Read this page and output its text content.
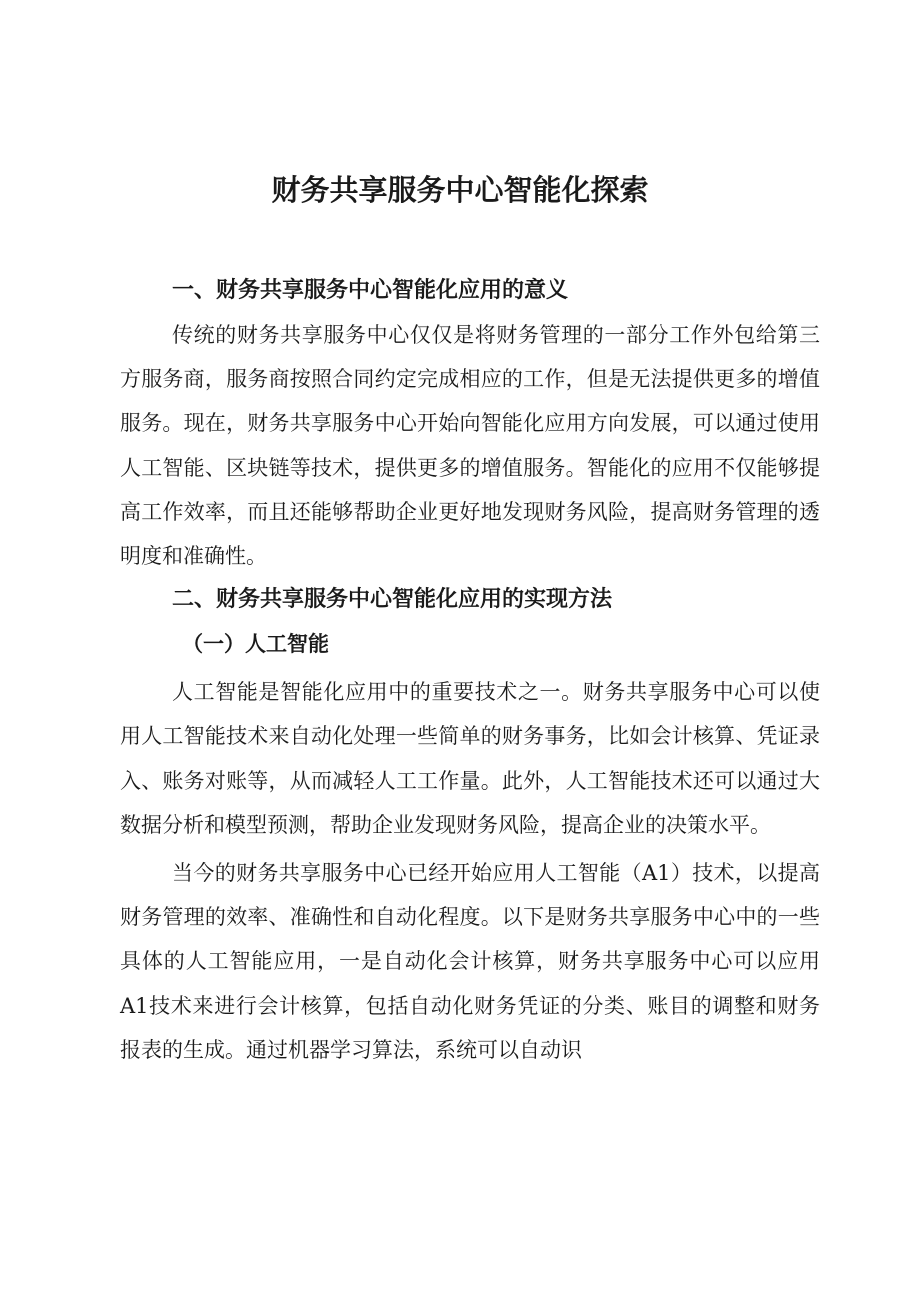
财务共享服务中心智能化探索
一、财务共享服务中心智能化应用的意义

传统的财务共享服务中心仅仅是将财务管理的一部分工作外包给第三方服务商，服务商按照合同约定完成相应的工作，但是无法提供更多的增值服务。现在，财务共享服务中心开始向智能化应用方向发展，可以通过使用人工智能、区块链等技术，提供更多的增值服务。智能化的应用不仅能够提高工作效率，而且还能够帮助企业更好地发现财务风险，提高财务管理的透明度和准确性。

二、财务共享服务中心智能化应用的实现方法
（一）人工智能

人工智能是智能化应用中的重要技术之一。财务共享服务中心可以使用人工智能技术来自动化处理一些简单的财务事务，比如会计核算、凭证录入、账务对账等，从而减轻人工工作量。此外，人工智能技术还可以通过大数据分析和模型预测，帮助企业发现财务风险，提高企业的决策水平。

当今的财务共享服务中心已经开始应用人工智能（A1）技术，以提高财务管理的效率、准确性和自动化程度。以下是财务共享服务中心中的一些具体的人工智能应用，一是自动化会计核算，财务共享服务中心可以应用A1技术来进行会计核算，包括自动化财务凭证的分类、账目的调整和财务报表的生成。通过机器学习算法，系统可以自动识
